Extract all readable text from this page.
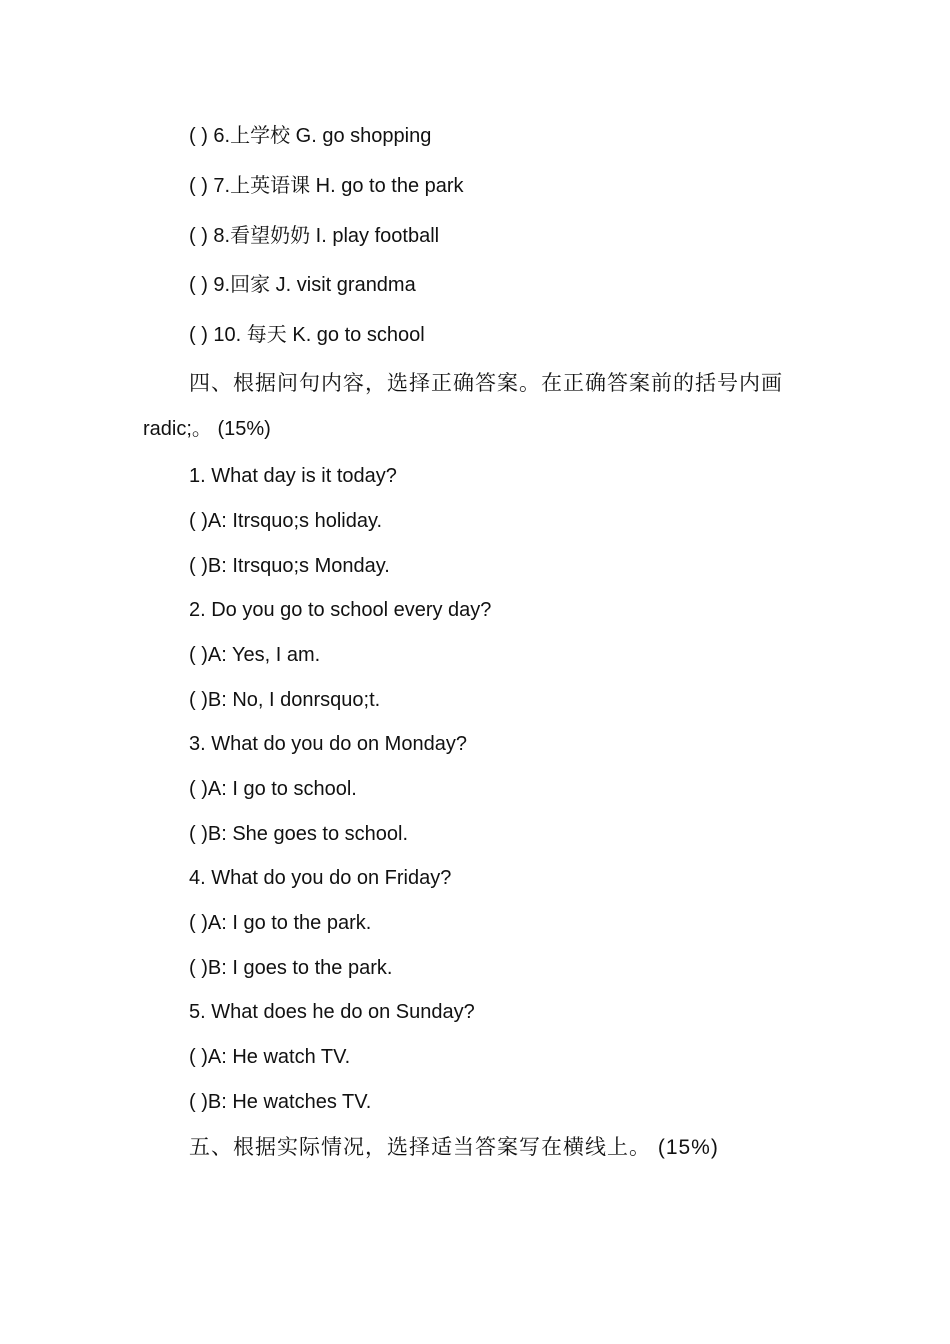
( ) 6.上学校 G. go shopping
( ) 7.上英语课 H. go to the park
( ) 8.看望奶奶 I. play football
( ) 9.回家 J. visit grandma
( ) 10. 每天 K. go to school
四、根据问句内容，选择正确答案。在正确答案前的括号内画
radic;。 (15%)
1. What day is it today?
( )A: Itrsquo;s holiday.
( )B: Itrsquo;s Monday.
2. Do you go to school every day?
( )A: Yes, I am.
( )B: No, I donrsquo;t.
3. What do you do on Monday?
( )A: I go to school.
( )B: She goes to school.
4. What do you do on Friday?
( )A: I go to the park.
( )B: I goes to the park.
5. What does he do on Sunday?
( )A: He watch TV.
( )B: He watches TV.
五、根据实际情况，选择适当答案写在横线上。 (15%)
